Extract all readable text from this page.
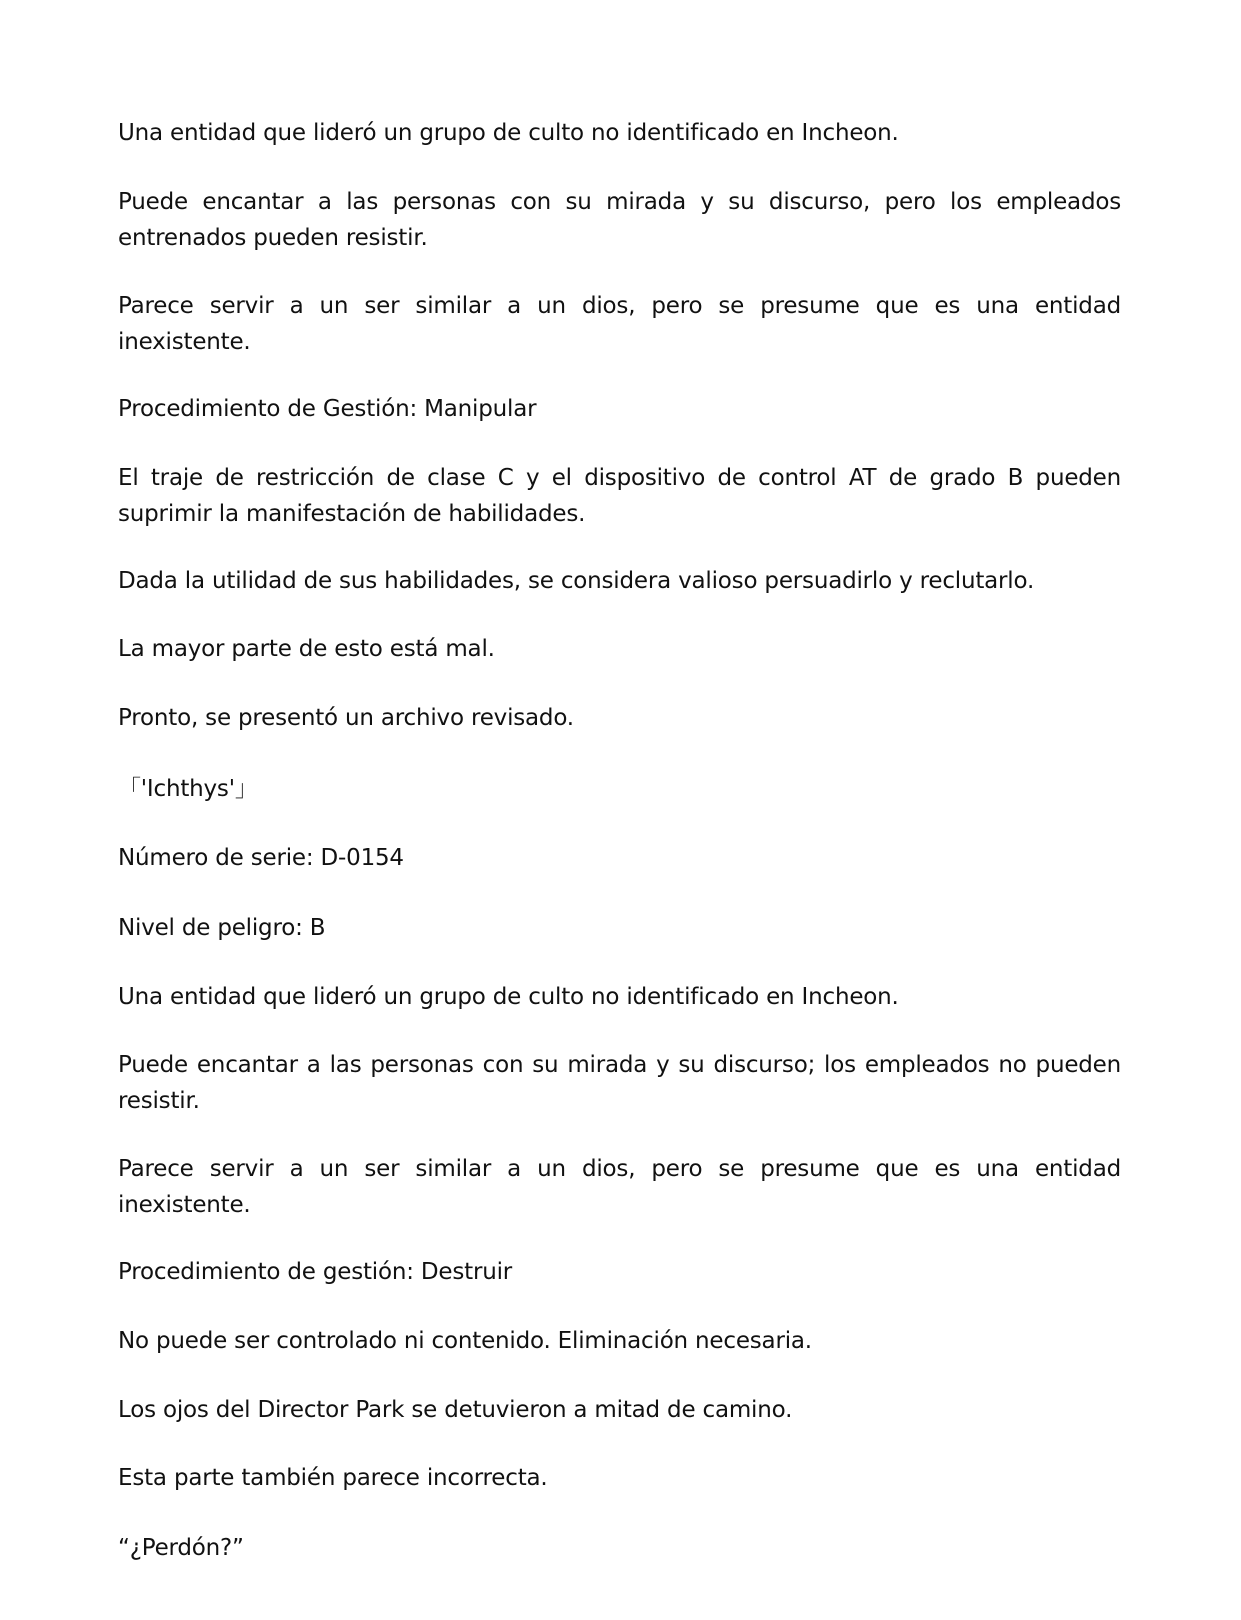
Una entidad que lideró un grupo de culto no identificado en Incheon.

Puede encantar a las personas con su mirada y su discurso, pero los empleados entrenados pueden resistir.

Parece servir a un ser similar a un dios, pero se presume que es una entidad inexistente.

Procedimiento de Gestión: Manipular

El traje de restricción de clase C y el dispositivo de control AT de grado B pueden suprimir la manifestación de habilidades.

Dada la utilidad de sus habilidades, se considera valioso persuadirlo y reclutarlo.

La mayor parte de esto está mal.

Pronto, se presentó un archivo revisado.

「'Ichthys'」

Número de serie: D-0154

Nivel de peligro: B

Una entidad que lideró un grupo de culto no identificado en Incheon.

Puede encantar a las personas con su mirada y su discurso; los empleados no pueden resistir.

Parece servir a un ser similar a un dios, pero se presume que es una entidad inexistente.

Procedimiento de gestión: Destruir

No puede ser controlado ni contenido. Eliminación necesaria.

Los ojos del Director Park se detuvieron a mitad de camino.

Esta parte también parece incorrecta.

“¿Perdón?”
